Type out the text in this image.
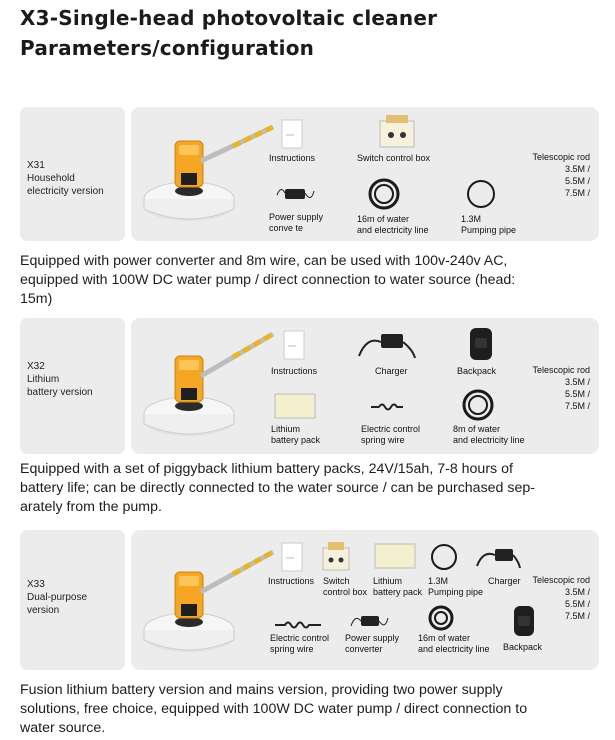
X3-Single-head photovoltaic cleaner
Parameters/configuration
X31
Household
electricity version
Instructions	Switch control box
Power supply
conve te
16m of water
and electricity line
1.3M
Pumping pipe
Telescopic rod
3.5M /
5.5M /
7.5M /
Equipped with power converter and 8m wire, can be used with 100v-240v AC,
equipped with 100W DC water pump / direct connection to water source (head:
15m)
X32
Lithium
battery version
Instructions	Charger	Backpack
Lithium
battery pack
Electric control
spring wire
8m of water
and electricity line
Telescopic rod
3.5M /
5.5M /
7.5M /
Equipped with a set of piggyback lithium battery packs, 24V/15ah, 7-8 hours of
battery life; can be directly connected to the water source / can be purchased sep-
arately from the pump.
X33
Dual-purpose
version
Instructions Switch
control box
Lithium
battery pack
1.3M
Pumping pipe
Charger	Telescopic rod
3.5M /
5.5M /
7.5M /
Electric control
spring wire
Power supply
converter
16m of water
and electricity line Backpack
Fusion lithium battery version and mains version, providing two power supply
solutions, free choice, equipped with 100W DC water pump / direct connection to
water source.
